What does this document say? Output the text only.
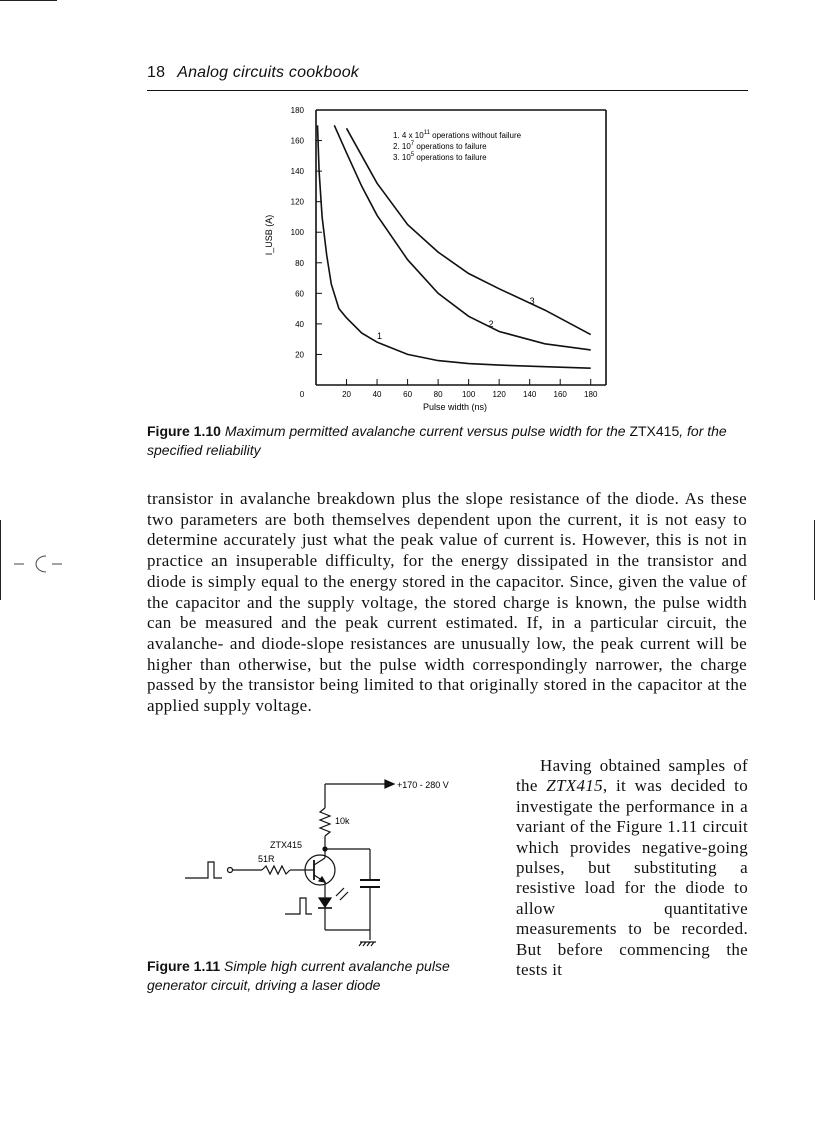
18 Analog circuits cookbook
0	20	40	60	80 100 120 140 160 180
20
40
60
80
100
120
140
160
180
1
2
3
1. 4 x $10^{11}$ operations without failure
2. $10^7$ operations to failure
3. $10^5$ operations to failure
Pulse width (ns)
I_USB (A)
Figure 1.10 Maximum permitted avalanche current versus pulse width for the ZTX415, for the specified reliability

transistor in avalanche breakdown plus the slope resistance of the diode. As these two parameters are both themselves dependent upon the current, it is not easy to determine accurately just what the peak value of current is. However, this is not in practice an insuperable difficulty, for the energy dissipated in the transistor and diode is simply equal to the energy stored in the capacitor. Since, given the value of the capacitor and the supply voltage, the stored charge is known, the pulse width can be measured and the peak current estimated. If, in a particular circuit, the avalanche- and diode-slope resistances are unusually low, the peak current will be higher than otherwise, but the pulse width correspondingly narrower, the charge passed by the transistor being limited to that originally stored in the capacitor at the applied supply voltage.

+170 - 280 V
10k
ZTX415
51R
Figure 1.11 Simple high current avalanche pulse generator circuit, driving a laser diode

Having obtained samples of the ZTX415, it was decided to investigate the performance in a variant of the Figure 1.11 circuit which provides negative-going pulses, but substituting a resistive load for the diode to allow quantitative measurements to be recorded. But before commencing the tests it
